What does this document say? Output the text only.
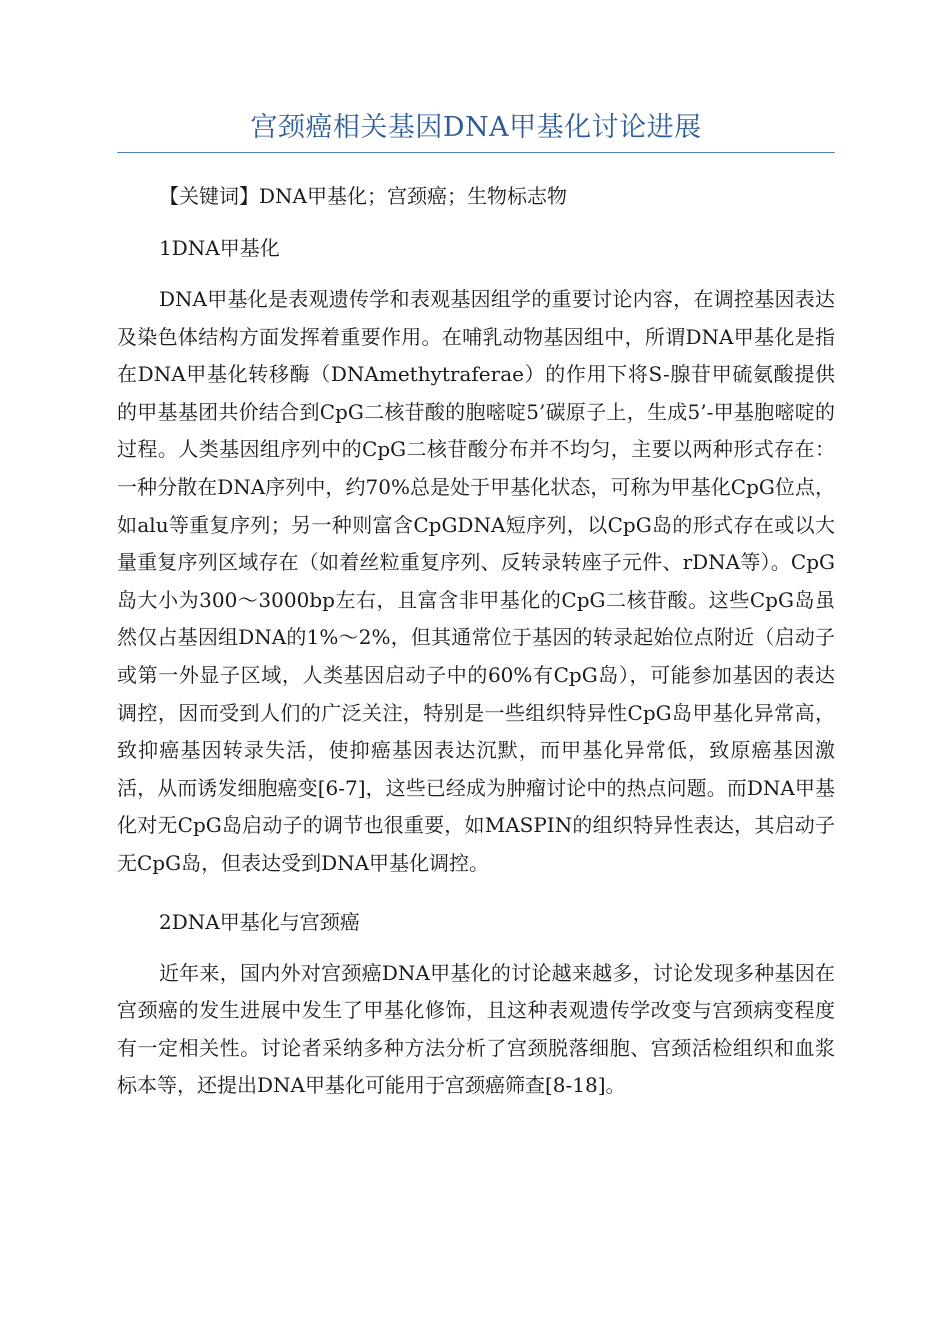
宫颈癌相关基因DNA甲基化讨论进展
【关键词】DNA甲基化；宫颈癌；生物标志物
1DNA甲基化

DNA甲基化是表观遗传学和表观基因组学的重要讨论内容，在调控基因表达及染色体结构方面发挥着重要作用。在哺乳动物基因组中，所谓DNA甲基化是指在DNA甲基化转移酶（DNAmethytraferae）的作用下将S-腺苷甲硫氨酸提供的甲基基团共价结合到CpG二核苷酸的胞嘧啶5’碳原子上，生成5’-甲基胞嘧啶的过程。人类基因组序列中的CpG二核苷酸分布并不均匀，主要以两种形式存在：一种分散在DNA序列中，约70%总是处于甲基化状态，可称为甲基化CpG位点，如alu等重复序列；另一种则富含CpGDNA短序列，以CpG岛的形式存在或以大量重复序列区域存在（如着丝粒重复序列、反转录转座子元件、rDNA等）。CpG岛大小为300～3000bp左右，且富含非甲基化的CpG二核苷酸。这些CpG岛虽然仅占基因组DNA的1%～2%，但其通常位于基因的转录起始位点附近（启动子或第一外显子区域，人类基因启动子中的60%有CpG岛），可能参加基因的表达调控，因而受到人们的广泛关注，特别是一些组织特异性CpG岛甲基化异常高，致抑癌基因转录失活，使抑癌基因表达沉默，而甲基化异常低，致原癌基因激活，从而诱发细胞癌变[6-7]，这些已经成为肿瘤讨论中的热点问题。而DNA甲基化对无CpG岛启动子的调节也很重要，如MASPIN的组织特异性表达，其启动子无CpG岛，但表达受到DNA甲基化调控。

2DNA甲基化与宫颈癌

近年来，国内外对宫颈癌DNA甲基化的讨论越来越多，讨论发现多种基因在宫颈癌的发生进展中发生了甲基化修饰，且这种表观遗传学改变与宫颈病变程度有一定相关性。讨论者采纳多种方法分析了宫颈脱落细胞、宫颈活检组织和血浆标本等，还提出DNA甲基化可能用于宫颈癌筛查[8-18]。
